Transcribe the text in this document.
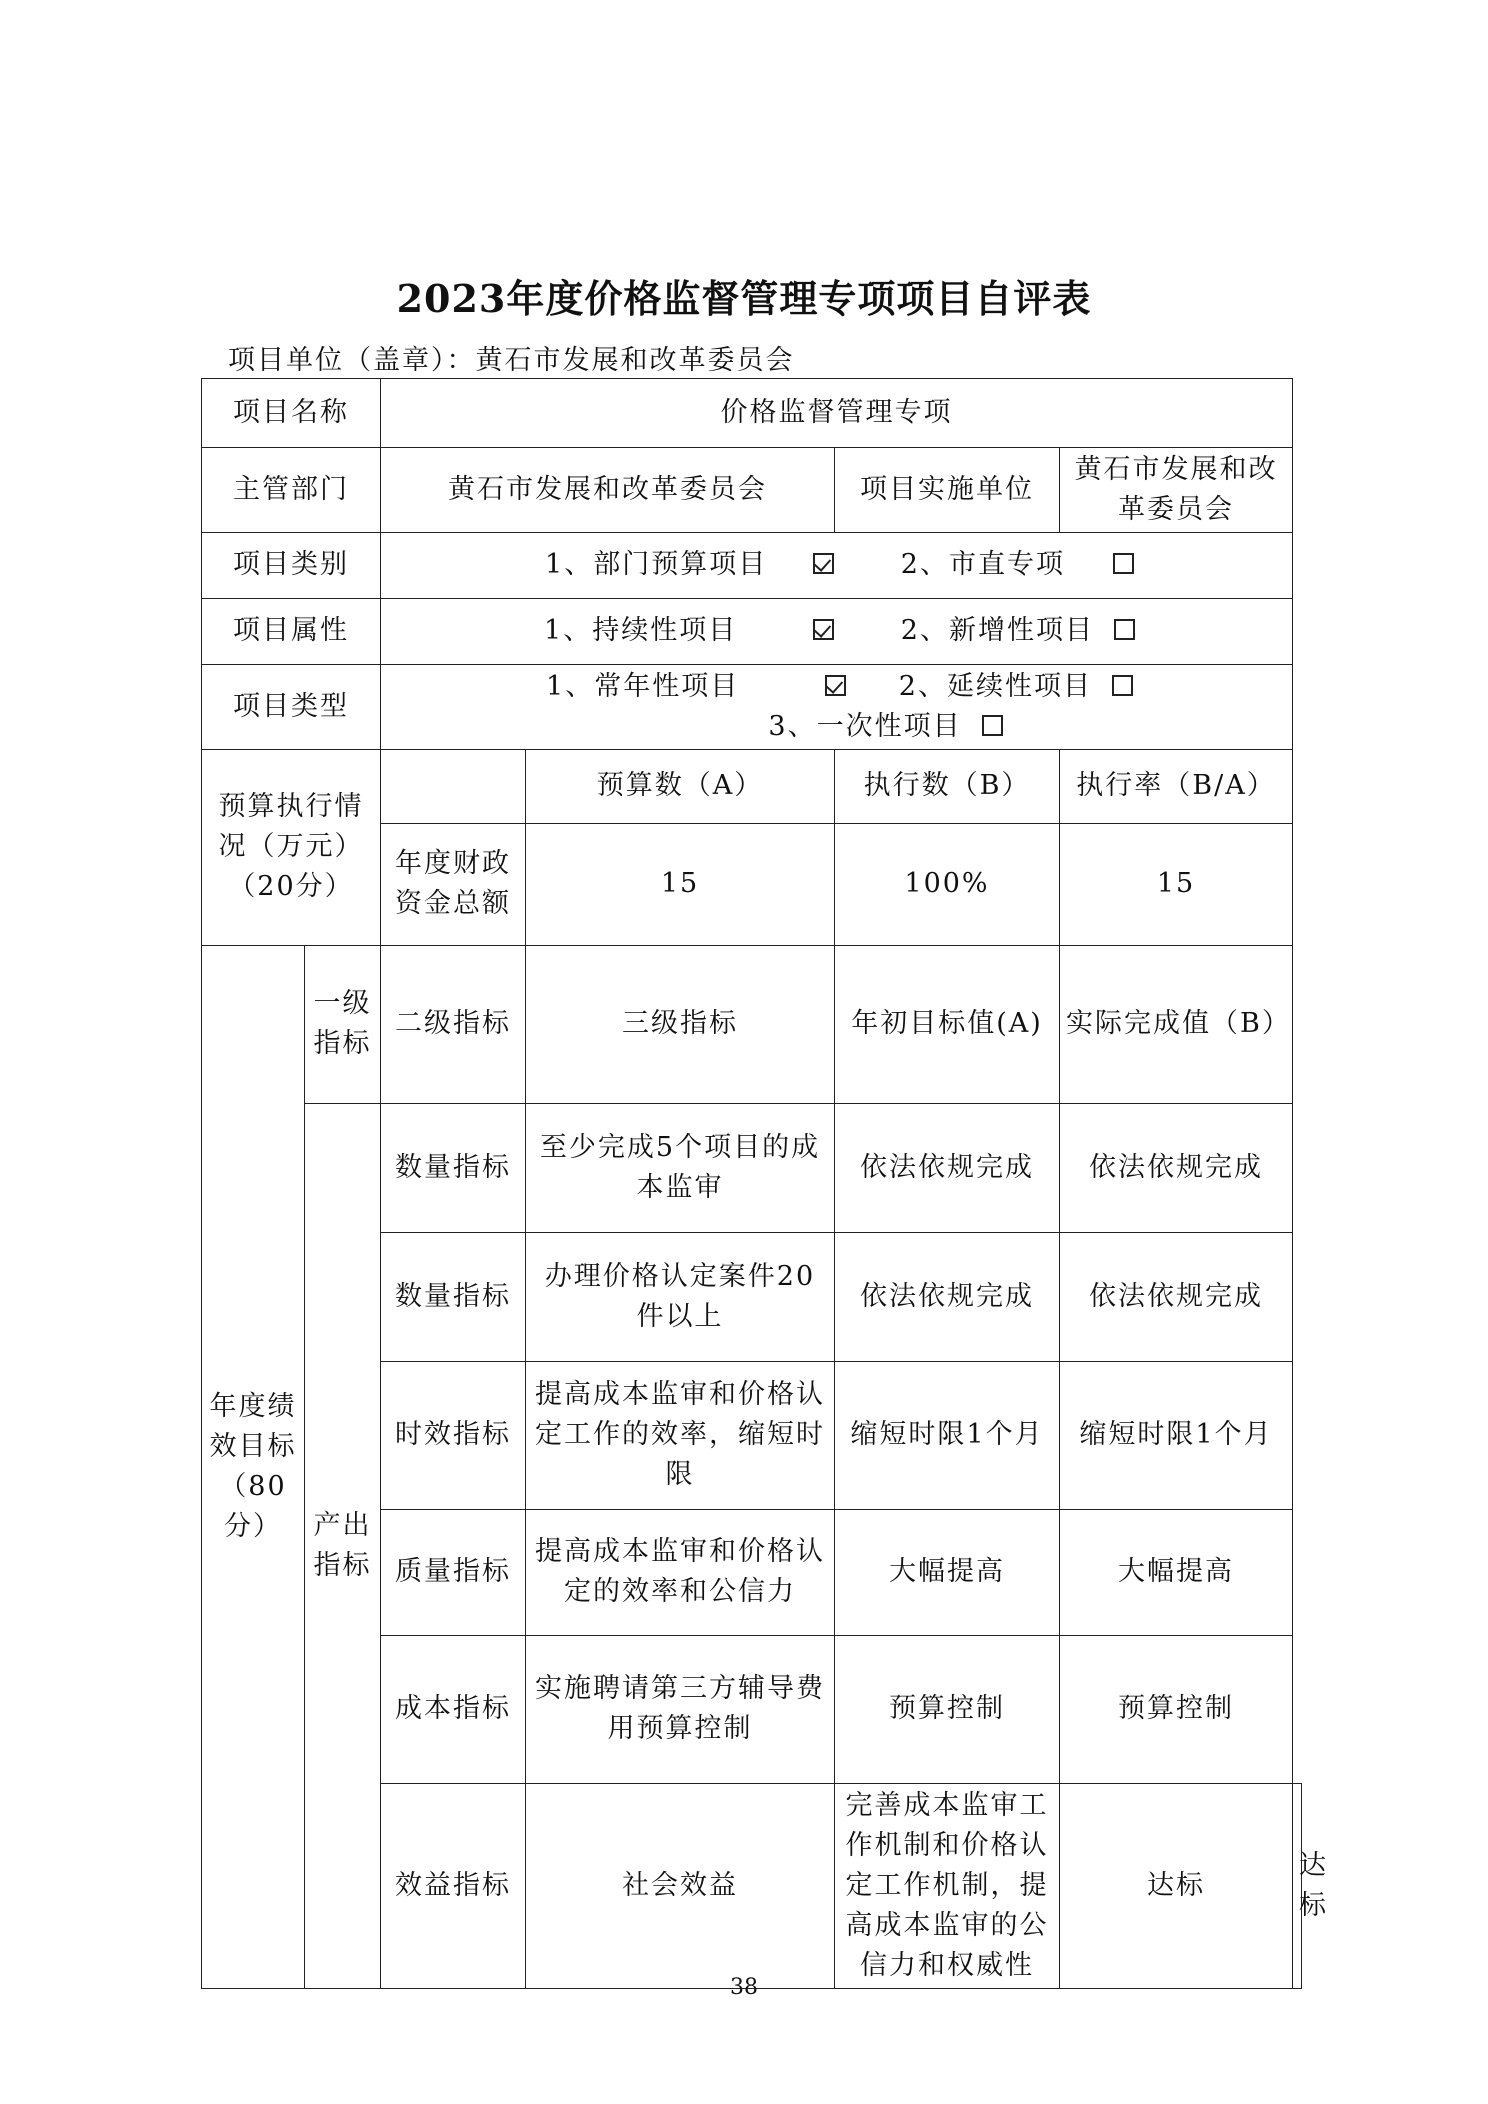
2023年度价格监督管理专项项目自评表
项目单位（盖章）：黄石市发展和改革委员会
项目名称		价格监督管理专项				
主管部门		黄石市发展和改革委员会		项目实施单位	黄石市发展和改革委员会	
项目类别		1、部门预算项目 2、市直专项				
项目属性		1、持续性项目 2、新增性项目				
项目类型		1、常年性项目 2、延续性项目 3、一次性项目				
预算执行情况（万元）（20分）			预算数（A）	执行数（B）	执行率（B/A）	
		年度财政资金总额	15	100%	15	
年度绩效目标（80分）	一级指标	二级指标	三级指标	年初目标值(A)	实际完成值（B）	
	产出指标	数量指标	至少完成5个项目的成本监审	依法依规完成	依法依规完成	
		数量指标	办理价格认定案件20件以上	依法依规完成	依法依规完成	
		时效指标	提高成本监审和价格认定工作的效率，缩短时限	缩短时限1个月	缩短时限1个月	
		质量指标	提高成本监审和价格认定的效率和公信力	大幅提高	大幅提高	
		成本指标	实施聘请第三方辅导费用预算控制	预算控制	预算控制	
		效益指标	社会效益	完善成本监审工作机制和价格认定工作机制，提高成本监审的公信力和权威性	达标	达标
38
